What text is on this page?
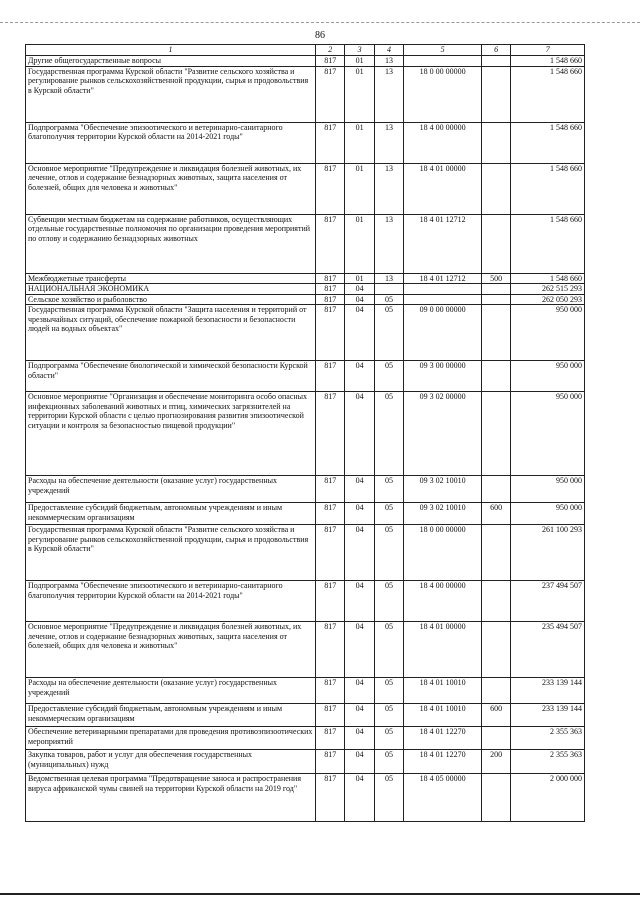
86
1	2	3	4	5	6	7
Другие общегосударственные вопросы	817	01	13			1 548 660
Государственная программа Курской области "Развитие сельского хозяйства и регулирование рынков сельскохозяйственной продукции, сырья и продовольствия в Курской области"	817	01	13	18 0 00 00000		1 548 660
Подпрограмма "Обеспечение эпизоотического и ветеринарно-санитарного благополучия территории Курской области на 2014-2021 годы"	817	01	13	18 4 00 00000		1 548 660
Основное мероприятие "Предупреждение и ликвидация болезней животных, их лечение, отлов и содержание безнадзорных животных, защита населения от болезней, общих для человека и животных"	817	01	13	18 4 01 00000		1 548 660
Субвенции местным бюджетам на содержание работников, осуществляющих отдельные государственные полномочия по организации проведения мероприятий по отлову и содержанию безнадзорных животных	817	01	13	18 4 01 12712		1 548 660
Межбюджетные трансферты	817	01	13	18 4 01 12712	500	1 548 660
НАЦИОНАЛЬНАЯ ЭКОНОМИКА	817	04				262 515 293
Сельское хозяйство и рыболовство	817	04	05			262 050 293
Государственная программа Курской области "Защита населения и территорий от чрезвычайных ситуаций, обеспечение пожарной безопасности и безопасности людей на водных объектах"	817	04	05	09 0 00 00000		950 000
Подпрограмма "Обеспечение биологической и химической безопасности Курской области"	817	04	05	09 3 00 00000		950 000
Основное мероприятие "Организация и обеспечение мониторинга особо опасных инфекционных заболеваний животных и птиц, химических загрязнителей на территории Курской области с целью прогнозирования развития эпизоотической ситуации и контроля за безопасностью пищевой продукции"	817	04	05	09 3 02 00000		950 000
Расходы на обеспечение деятельности (оказание услуг) государственных учреждений	817	04	05	09 3 02 10010		950 000
Предоставление субсидий бюджетным, автономным учреждениям и иным некоммерческим организациям	817	04	05	09 3 02 10010	600	950 000
Государственная программа Курской области "Развитие сельского хозяйства и регулирование рынков сельскохозяйственной продукции, сырья и продовольствия в Курской области"	817	04	05	18 0 00 00000		261 100 293
Подпрограмма "Обеспечение эпизоотического и ветеринарно-санитарного благополучия территории Курской области на 2014-2021 годы"	817	04	05	18 4 00 00000		237 494 507
Основное мероприятие "Предупреждение и ликвидация болезней животных, их лечение, отлов и содержание безнадзорных животных, защита населения от болезней, общих для человека и животных"	817	04	05	18 4 01 00000		235 494 507
Расходы на обеспечение деятельности (оказание услуг) государственных учреждений	817	04	05	18 4 01 10010		233 139 144
Предоставление субсидий бюджетным, автономным учреждениям и иным некоммерческим организациям	817	04	05	18 4 01 10010	600	233 139 144
Обеспечение ветеринарными препаратами для проведения противоэпизоотических мероприятий	817	04	05	18 4 01 12270		2 355 363
Закупка товаров, работ и услуг для обеспечения государственных (муниципальных) нужд	817	04	05	18 4 01 12270	200	2 355 363
Ведомственная целевая программа "Предотвращение заноса и распространения вируса африканской чумы свиней на территории Курской области на 2019 год"	817	04	05	18 4 05 00000		2 000 000
